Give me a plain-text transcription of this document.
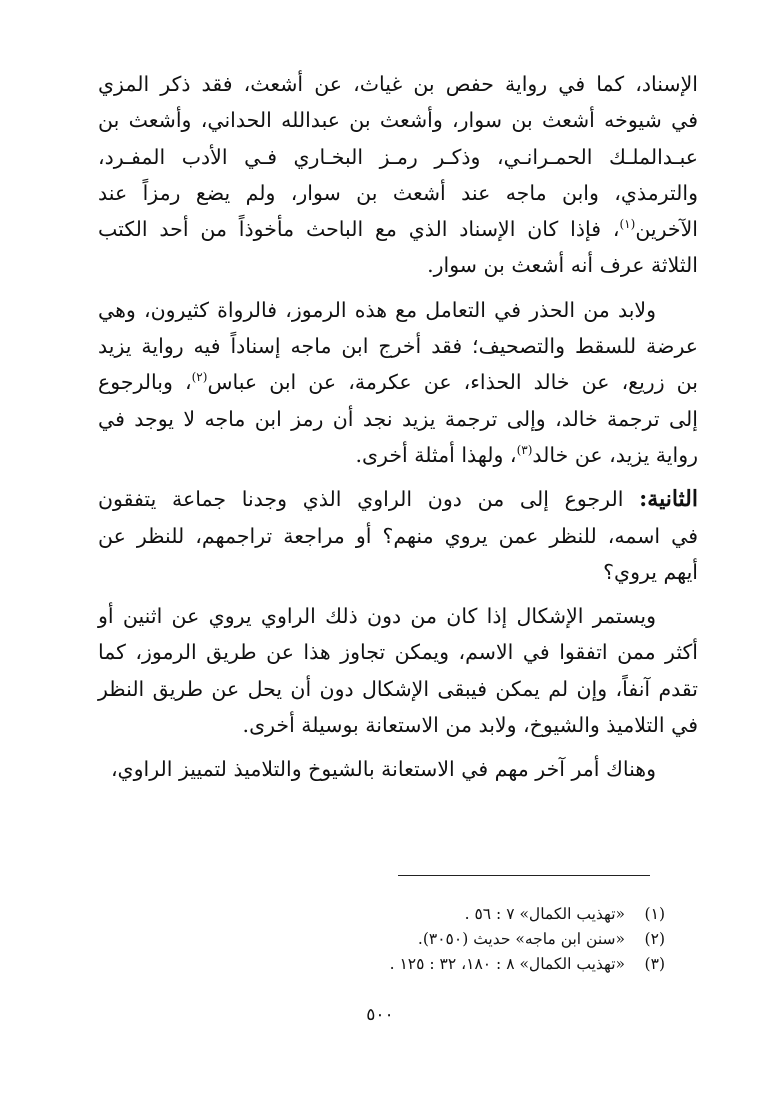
الإسناد، كما في رواية حفص بن غياث، عن أشعث، فقد ذكر المزي
في شيوخه أشعث بن سوار، وأشعث بن عبدالله الحداني، وأشعث بن
عبـدالملـك الحمـرانـي، وذكـر رمـز البخـاري فـي الأدب المفـرد،
والترمذي، وابن ماجه عند أشعث بن سوار، ولم يضع رمزاً عند
الآخرين$^{(١)}$، فإذا كان الإسناد الذي مع الباحث مأخوذاً من أحد الكتب
الثلاثة عرف أنه أشعث بن سوار.

ولابد من الحذر في التعامل مع هذه الرموز، فالرواة كثيرون، وهي
عرضة للسقط والتصحيف؛ فقد أخرج ابن ماجه إسناداً فيه رواية يزيد
بن زريع، عن خالد الحذاء، عن عكرمة، عن ابن عباس$^{(٢)}$، وبالرجوع
إلى ترجمة خالد، وإلى ترجمة يزيد نجد أن رمز ابن ماجه لا يوجد في
رواية يزيد، عن خالد$^{(٣)}$، ولهذا أمثلة أخرى.

الثانية: الرجوع إلى من دون الراوي الذي وجدنا جماعة يتفقون
في اسمه، للنظر عمن يروي منهم؟ أو مراجعة تراجمهم، للنظر عن
أيهم يروي؟

ويستمر الإشكال إذا كان من دون ذلك الراوي يروي عن اثنين أو
أكثر ممن اتفقوا في الاسم، ويمكن تجاوز هذا عن طريق الرموز، كما
تقدم آنفاً، وإن لم يمكن فيبقى الإشكال دون أن يحل عن طريق النظر
في التلاميذ والشيوخ، ولابد من الاستعانة بوسيلة أخرى.

وهناك أمر آخر مهم في الاستعانة بالشيوخ والتلاميذ لتمييز الراوي،

(١)«تهذيب الكمال» ٧ : ٥٦ .
(٢)«سنن ابن ماجه» حديث (٣٠٥٠).
(٣)«تهذيب الكمال» ٨ : ١٨٠، ٣٢ : ١٢٥ .
٥٠٠
